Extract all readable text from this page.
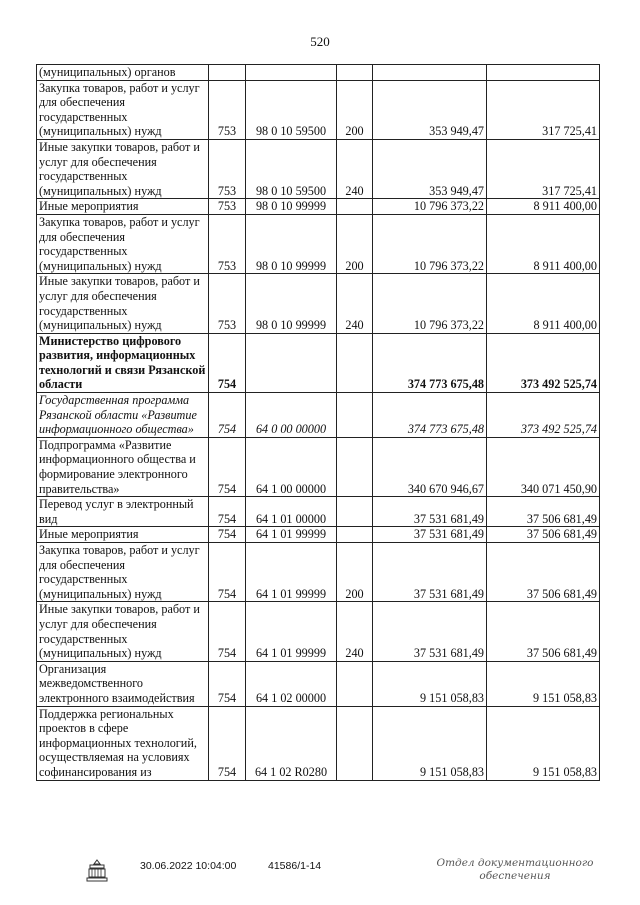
520
(муниципальных) органов					
Закупка товаров, работ и услуг для обеспечения государственных (муниципальных) нужд	753	98 0 10 59500	200	353 949,47	317 725,41
Иные закупки товаров, работ и услуг для обеспечения государственных (муниципальных) нужд	753	98 0 10 59500	240	353 949,47	317 725,41
Иные мероприятия	753	98 0 10 99999		10 796 373,22	8 911 400,00
Закупка товаров, работ и услуг для обеспечения государственных (муниципальных) нужд	753	98 0 10 99999	200	10 796 373,22	8 911 400,00
Иные закупки товаров, работ и услуг для обеспечения государственных (муниципальных) нужд	753	98 0 10 99999	240	10 796 373,22	8 911 400,00
Министерство цифрового развития, информационных технологий и связи Рязанской области	754			374 773 675,48	373 492 525,74
Государственная программа Рязанской области «Развитие информационного общества»	754	64 0 00 00000		374 773 675,48	373 492 525,74
Подпрограмма «Развитие информационного общества и формирование электронного правительства»	754	64 1 00 00000		340 670 946,67	340 071 450,90
Перевод услуг в электронный вид	754	64 1 01 00000		37 531 681,49	37 506 681,49
Иные мероприятия	754	64 1 01 99999		37 531 681,49	37 506 681,49
Закупка товаров, работ и услуг для обеспечения государственных (муниципальных) нужд	754	64 1 01 99999	200	37 531 681,49	37 506 681,49
Иные закупки товаров, работ и услуг для обеспечения государственных (муниципальных) нужд	754	64 1 01 99999	240	37 531 681,49	37 506 681,49
Организация межведомственного электронного взаимодействия	754	64 1 02 00000		9 151 058,83	9 151 058,83
Поддержка региональных проектов в сфере информационных технологий, осуществляемая на условиях софинансирования из	754	64 1 02 R0280		9 151 058,83	9 151 058,83
30.06.2022 10:04:00	41586/1-14	Отдел документационного
обеспечения
